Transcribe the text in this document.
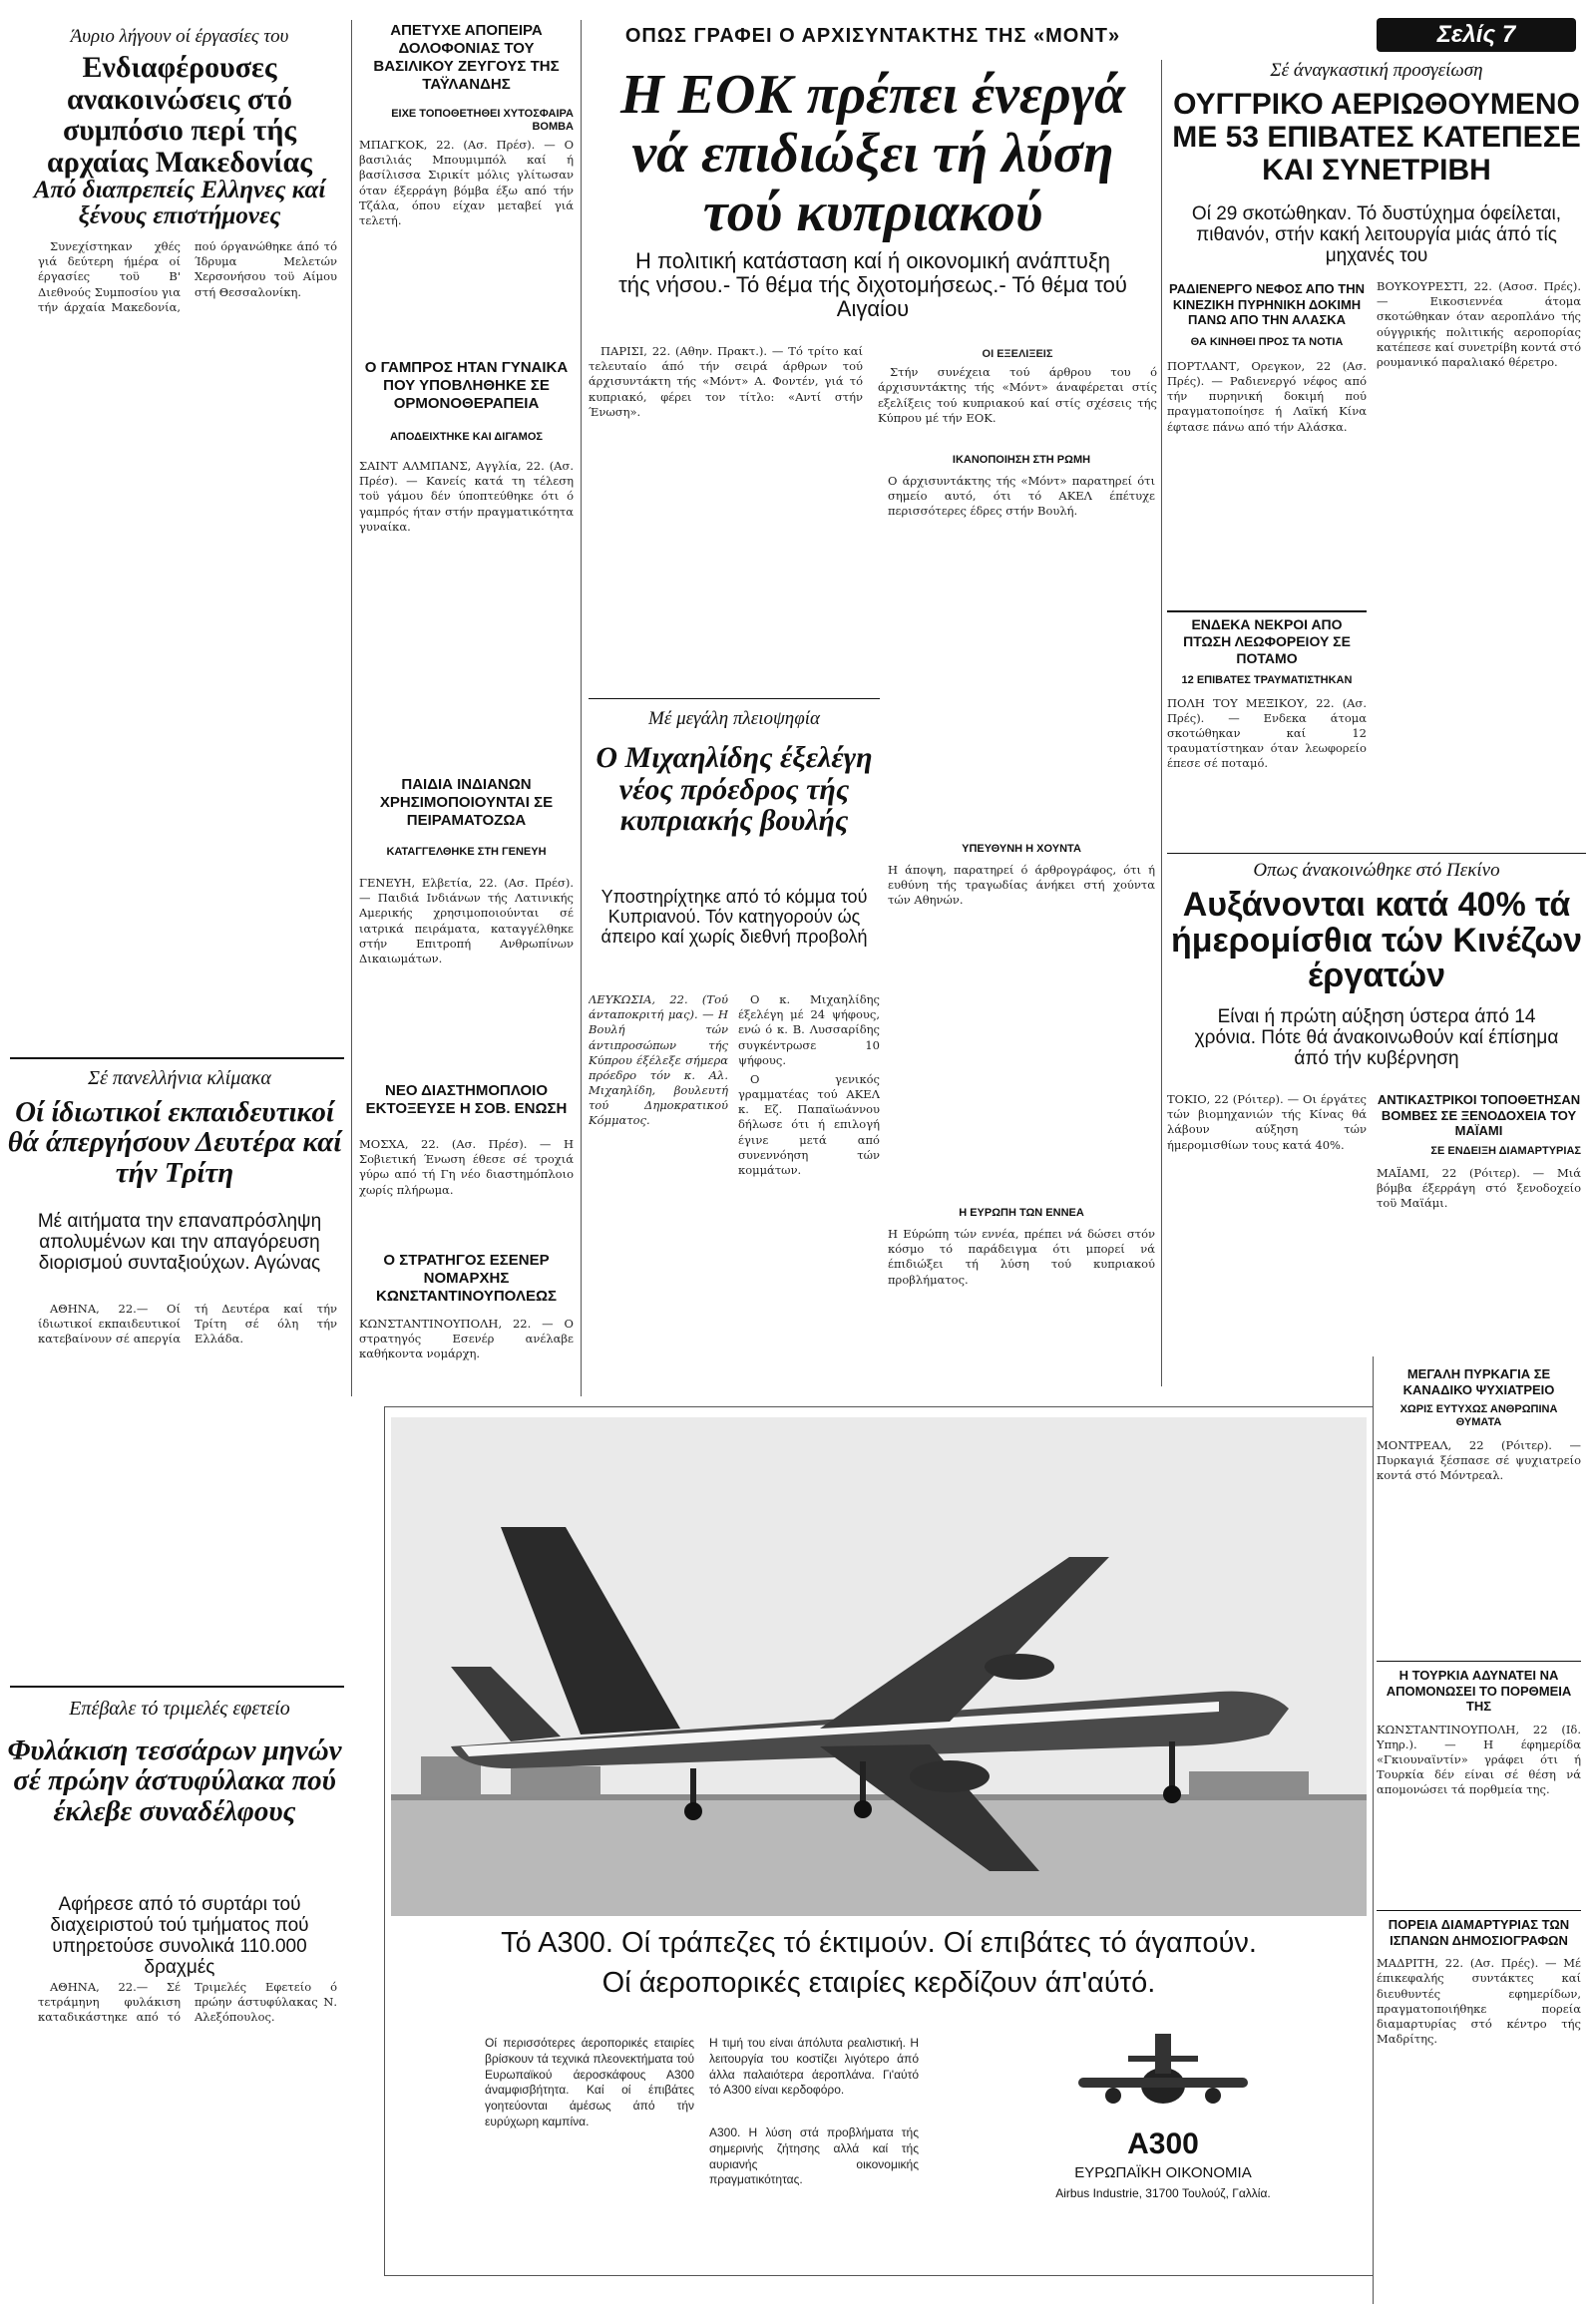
Άυριο λήγουν οί έργασίες του
Ενδιαφέρουσες ανακοινώσεις στό συμπόσιο περί τής αρχαίας Μακεδονίας
Από διαπρεπείς Ελληνες καί ξένους επιστήμονες

Συνεχίστηκαν χθές γιά δεύτερη ήμέρα οί έργασίες τοϋ Β' Διεθνούς Συμποσίου για τήν άρχαία Μακεδονία, πού όργανώθηκε άπό τό Ίδρυμα Μελετών Χερσονήσου τοϋ Αίμου στή Θεσσαλονίκη.

Σέ πανελλήνια κλίμακα
Οί ίδιωτικοί εκπαιδευτικοί θά άπεργήσουν Δευτέρα καί τήν Τρίτη
Μέ αιτήματα την επαναπρόσληψη απολυμένων και την απαγόρευση διορισμού συνταξιούχων. Αγώνας

ΑΘΗΝΑ, 22.— Οί ίδιωτικοί εκπαιδευτικοί κατεβαίνουν σέ απεργία τή Δευτέρα καί τήν Τρίτη σέ όλη τήν Ελλάδα.

Επέβαλε τό τριμελές εφετείο
Φυλάκιση τεσσάρων μηνών σέ πρώην άστυφύλακα πού έκλεβε συναδέλφους
Αφήρεσε από τό συρτάρι τού διαχειριστού τού τμήματος πού υπηρετούσε συνολικά 110.000 δραχμές

ΑΘΗΝΑ, 22.— Σέ τετράμηνη φυλάκιση καταδικάστηκε από τό Τριμελές Εφετείο ό πρώην άστυφύλακας Ν. Αλεξόπουλος.

ΑΠΕΤΥΧΕ ΑΠΟΠΕΙΡΑ ΔΟΛΟΦΟΝΙΑΣ ΤΟΥ ΒΑΣΙΛΙΚΟΥ ΖΕΥΓΟΥΣ ΤΗΣ ΤΑΫΛΑΝΔΗΣ
ΕΙΧΕ ΤΟΠΟΘΕΤΗΘΕΙ ΧΥΤΟΣΦΑΙΡΑ ΒΟΜΒΑ
ΜΠΑΓΚΟΚ, 22. (Ασ. Πρέσ). — Ο βασιλιάς Μπουμιμπόλ καί ή βασίλισσα Σιρικίτ μόλις γλίτωσαν όταν έξερράγη βόμβα έξω από τήν Τζάλα, όπου είχαν μεταβεί γιά τελετή.
Ο ΓΑΜΠΡΟΣ ΗΤΑΝ ΓΥΝΑΙΚΑ ΠΟΥ ΥΠΟΒΛΗΘΗΚΕ ΣΕ ΟΡΜΟΝΟΘΕΡΑΠΕΙΑ
ΑΠΟΔΕΙΧΤΗΚΕ ΚΑΙ ΔΙΓΑΜΟΣ
ΣΑΙΝΤ ΑΛΜΠΑΝΣ, Αγγλία, 22. (Ασ. Πρέσ). — Κανείς κατά τη τέλεση τοϋ γάμου δέν ύποπτεύθηκε ότι ό γαμπρός ήταν στήν πραγματικότητα γυναίκα.
ΠΑΙΔΙΑ ΙΝΔΙΑΝΩΝ ΧΡΗΣΙΜΟΠΟΙΟΥΝΤΑΙ ΣΕ ΠΕΙΡΑΜΑΤΟΖΩΑ
ΚΑΤΑΓΓΕΛΘΗΚΕ ΣΤΗ ΓΕΝΕΥΗ
ΓΕΝΕΥΗ, Ελβετία, 22. (Ασ. Πρέσ). — Παιδιά Ινδιάνων τής Λατινικής Αμερικής χρησιμοποιούνται σέ ιατρικά πειράματα, καταγγέλθηκε στήν Επιτροπή Ανθρωπίνων Δικαιωμάτων.
ΝΕΟ ΔΙΑΣΤΗΜΟΠΛΟΙΟ ΕΚΤΟΞΕΥΣΕ Η ΣΟΒ. ΕΝΩΣΗ
ΜΟΣΧΑ, 22. (Ασ. Πρέσ). — Η Σοβιετική Ένωση έθεσε σέ τροχιά γύρω από τή Γη νέο διαστημόπλοιο χωρίς πλήρωμα.
Ο ΣΤΡΑΤΗΓΟΣ ΕΣΕΝΕΡ ΝΟΜΑΡΧΗΣ ΚΩΝΣΤΑΝΤΙΝΟΥΠΟΛΕΩΣ
ΚΩΝΣΤΑΝΤΙΝΟΥΠΟΛΗ, 22. — Ο στρατηγός Εσενέρ ανέλαβε καθήκοντα νομάρχη.
ΟΠΩΣ ΓΡΑΦΕΙ Ο ΑΡΧΙΣΥΝΤΑΚΤΗΣ ΤΗΣ «ΜΟΝΤ»
Η ΕΟΚ πρέπει ένεργά νά επιδιώξει τή λύση τού κυπριακού
Η πολιτική κατάσταση καί ή οικονομική ανάπτυξη τής νήσου.- Τό θέμα τής διχοτομήσεως.- Τό θέμα τού Αιγαίου

ΠΑΡΙΣΙ, 22. (Αθην. Πρακτ.). — Τό τρίτο καί τελευταίο άπό τήν σειρά άρθρων τού άρχισυντάκτη τής «Μόντ» Α. Φοντέν, γιά τό κυπριακό, φέρει τον τίτλο: «Αντί στήν Ένωση».

ΟΙ ΕΞΕΛΙΞΕΙΣ

Στήν συνέχεια τού άρθρου του ό άρχισυντάκτης τής «Μόντ» άναφέρεται στίς εξελίξεις τού κυπριακού καί στίς σχέσεις τής Κύπρου μέ τήν ΕΟΚ.

ΙΚΑΝΟΠΟΙΗΣΗ ΣΤΗ ΡΩΜΗ
Ο άρχισυντάκτης τής «Μόντ» παρατηρεί ότι σημείο αυτό, ότι τό ΑΚΕΛ έπέτυχε περισσότερες έδρες στήν Βουλή.
ΥΠΕΥΘΥΝΗ Η ΧΟΥΝΤΑ
Η άποψη, παρατηρεί ό άρθρογράφος, ότι ή ευθύνη τής τραγωδίας άνήκει στή χούντα τών Αθηνών.
Η ΕΥΡΩΠΗ ΤΩΝ ΕΝΝΕΑ
Η Εύρώπη τών εννέα, πρέπει νά δώσει στόν κόσμο τό παράδειγμα ότι μπορεί νά έπιδιώξει τή λύση τού κυπριακού προβλήματος.
Μέ μεγάλη πλειοψηφία
Ο Μιχαηλίδης έξελέγη νέος πρόεδρος τής κυπριακής βουλής
Υποστηρίχτηκε από τό κόμμα τού Κυπριανού. Τόν κατηγορούν ώς άπειρο καί χωρίς διεθνή προβολή
ΛΕΥΚΩΣΙΑ, 22. (Τού άνταποκριτή μας). — Η Βουλή τών άντιπροσώπων τής Κύπρου έξέλεξε σήμερα πρόεδρο τόν κ. Αλ. Μιχαηλίδη, βουλευτή τού Δημοκρατικού Κόμματος.

Ο κ. Μιχαηλίδης έξελέγη μέ 24 ψήφους, ενώ ό κ. Β. Λυσσαρίδης συγκέντρωσε 10 ψήφους.

Ο γενικός γραμματέας τού ΑΚΕΛ κ. Εζ. Παπαϊωάννου δήλωσε ότι ή επιλογή έγινε μετά από συνεννόηση τών κομμάτων.

Σελίς 7
Σέ άναγκαστική προσγείωση
ΟΥΓΓΡΙΚΟ ΑΕΡΙΩΘΟΥΜΕΝΟ ΜΕ 53 ΕΠΙΒΑΤΕΣ ΚΑΤΕΠΕΣΕ ΚΑΙ ΣΥΝΕΤΡΙΒΗ
Οί 29 σκοτώθηκαν. Τό δυστύχημα όφείλεται, πιθανόν, στήν κακή λειτουργία μιάς άπό τίς μηχανές του
ΒΟΥΚΟΥΡΕΣΤΙ, 22. (Ασοσ. Πρές). — Εικοσιεννέα άτομα σκοτώθηκαν όταν αεροπλάνο τής ούγγρικής πολιτικής αεροπορίας κατέπεσε καί συνετρίβη κοντά στό ρουμανικό παραλιακό θέρετρο.
ΡΑΔΙΕΝΕΡΓΟ ΝΕΦΟΣ ΑΠΟ ΤΗΝ ΚΙΝΕΖΙΚΗ ΠΥΡΗΝΙΚΗ ΔΟΚΙΜΗ ΠΑΝΩ ΑΠΟ ΤΗΝ ΑΛΑΣΚΑ
ΘΑ ΚΙΝΗΘΕΙ ΠΡΟΣ ΤΑ ΝΟΤΙΑ
ΠΟΡΤΛΑΝΤ, Ορεγκον, 22 (Ασ. Πρές). — Ραδιενεργό νέφος από τήν πυρηνική δοκιμή πού πραγματοποίησε ή Λαϊκή Κίνα έφτασε πάνω από τήν Αλάσκα.
ΕΝΔΕΚΑ ΝΕΚΡΟΙ ΑΠΟ ΠΤΩΣΗ ΛΕΩΦΟΡΕΙΟΥ ΣΕ ΠΟΤΑΜΟ
12 ΕΠΙΒΑΤΕΣ ΤΡΑΥΜΑΤΙΣΤΗΚΑΝ
ΠΟΛΗ ΤΟΥ ΜΕΞΙΚΟΥ, 22. (Ασ. Πρές). — Ενδεκα άτομα σκοτώθηκαν καί 12 τραυματίστηκαν όταν λεωφορείο έπεσε σέ ποταμό.
Οπως άνακοινώθηκε στό Πεκίνο
Αυξάνονται κατά 40% τά ήμερομίσθια τών Κινέζων έργατών
Είναι ή πρώτη αύξηση ύστερα άπό 14 χρόνια. Πότε θά άνακοινωθούν καί έπίσημα άπό τήν κυβέρνηση
ΤΟΚΙΟ, 22 (Ρόιτερ). — Οι έργάτες τών βιομηχανιών τής Κίνας θά λάβουν αύξηση τών ήμερομισθίων τους κατά 40%.
ΑΝΤΙΚΑΣΤΡΙΚΟΙ ΤΟΠΟΘΕΤΗΣΑΝ ΒΟΜΒΕΣ ΣΕ ΞΕΝΟΔΟΧΕΙΑ ΤΟΥ ΜΑΪΑΜΙ
ΣΕ ΕΝΔΕΙΞΗ ΔΙΑΜΑΡΤΥΡΙΑΣ
ΜΑΪΑΜΙ, 22 (Ρόιτερ). — Μιά βόμβα έξερράγη στό ξενοδοχείο τοϋ Μαϊάμι.
ΜΕΓΑΛΗ ΠΥΡΚΑΓΙΑ ΣΕ ΚΑΝΑΔΙΚΟ ΨΥΧΙΑΤΡΕΙΟ
ΧΩΡΙΣ ΕΥΤΥΧΩΣ ΑΝΘΡΩΠΙΝΑ ΘΥΜΑΤΑ
ΜΟΝΤΡΕΑΛ, 22 (Ρόιτερ). — Πυρκαγιά ξέσπασε σέ ψυχιατρείο κοντά στό Μόντρεαλ.
Η ΤΟΥΡΚΙΑ ΑΔΥΝΑΤΕΙ ΝΑ ΑΠΟΜΟΝΩΣΕΙ ΤΟ ΠΟΡΘΜΕΙΑ ΤΗΣ
ΚΩΝΣΤΑΝΤΙΝΟΥΠΟΛΗ, 22 (Ιδ. Υπηρ.). — Η έφημερίδα «Γκιουναϊντίν» γράφει ότι ή Τουρκία δέν είναι σέ θέση νά απομονώσει τά πορθμεία της.
ΠΟΡΕΙΑ ΔΙΑΜΑΡΤΥΡΙΑΣ ΤΩΝ ΙΣΠΑΝΩΝ ΔΗΜΟΣΙΟΓΡΑΦΩΝ
ΜΑΔΡΙΤΗ, 22. (Ασ. Πρές). — Μέ έπικεφαλής συντάκτες καί διευθυντές εφημερίδων, πραγματοποιήθηκε πορεία διαμαρτυρίας στό κέντρο τής Μαδρίτης.
Τό Α300. Οί τράπεζες τό έκτιμούν. Οί επιβάτες τό άγαπούν.
Οί άεροπορικές εταιρίες κερδίζουν άπ'αύτό.
Οί περισσότερες άεροπορικές εταιρίες βρίσκουν τά τεχνικά πλεονεκτήματα τού Ευρωπαϊκού άεροσκάφους Α300 άναμφισβήτητα. Καί οί έπιβάτες γοητεύονται άμέσως άπό τήν ευρύχωρη καμπίνα.
Η τιμή του είναι άπόλυτα ρεαλιστική. Η λειτουργία του κοστίζει λιγότερο άπό άλλα παλαιότερα άεροπλάνα. Γι'αύτό τό Α300 είναι κερδοφόρο.
Α300. Η λύση στά προβλήματα τής σημερινής ζήτησης αλλά καί τής αυριανής οικονομικής πραγματικότητας.
Α300
ΕΥΡΩΠΑΪΚΗ ΟΙΚΟΝΟΜΙΑ
Airbus Industrie, 31700 Τουλούζ, Γαλλία.
